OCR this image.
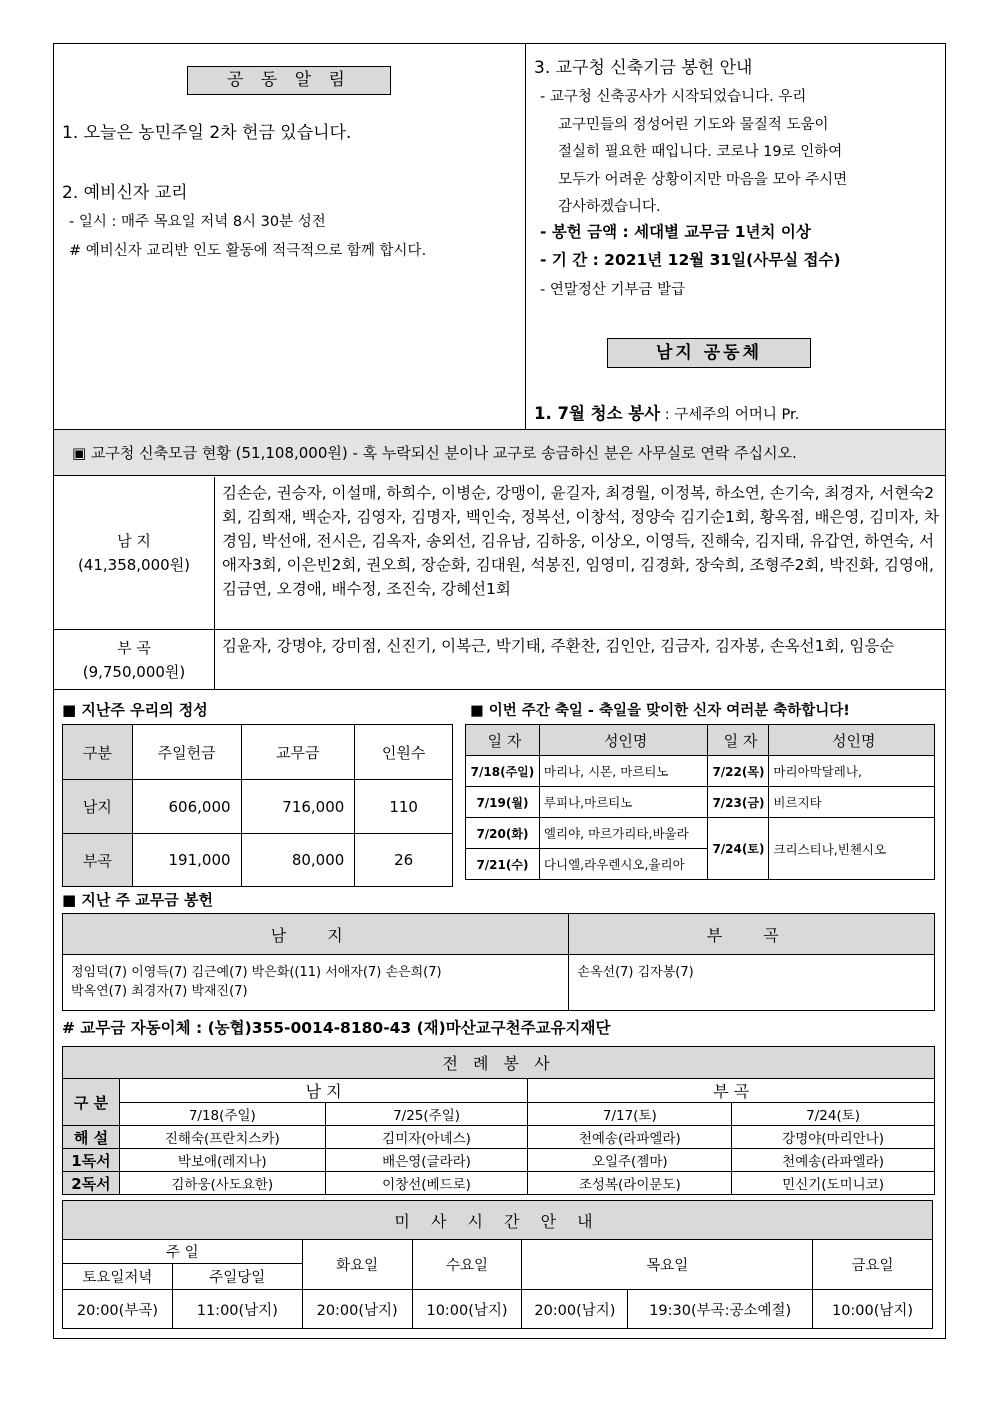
공 동 알 림
1. 오늘은 농민주일 2차 헌금 있습니다.
2. 예비신자 교리
- 일시 : 매주 목요일 저녁 8시 30분 성전
# 예비신자 교리반 인도 활동에 적극적으로 함께 합시다.
3. 교구청 신축기금 봉헌 안내
- 교구청 신축공사가 시작되었습니다. 우리
교구민들의 정성어린 기도와 물질적 도움이
절실히 필요한 때입니다. 코로나 19로 인하여
모두가 어려운 상황이지만 마음을 모아 주시면
감사하겠습니다.
- 봉헌 금액 : 세대별 교무금 1년치 이상
- 기 간 : 2021년 12월 31일(사무실 접수)
- 연말정산 기부금 발급
남지 공동체
1. 7월 청소 봉사 : 구세주의 어머니 Pr.
▣ 교구청 신축모금 현황 (51,108,000원) - 혹 누락되신 분이나 교구로 송금하신 분은 사무실로 연락 주십시오.
남 지
(41,358,000원)
김손순, 권승자, 이설매, 하희수, 이병순, 강맹이, 윤길자, 최경월, 이정복, 하소연, 손기숙, 최경자, 서현숙2회, 김희재, 백순자, 김영자, 김명자, 백인숙, 정복선, 이창석, 정양숙 김기순1회, 황옥점, 배은영, 김미자, 차경임, 박선애, 전시은, 김옥자, 송외선, 김유남, 김하웅, 이상오, 이영득, 진해숙, 김지태, 유갑연, 하연숙, 서애자3회, 이은빈2회, 권오희, 장순화, 김대원, 석봉진, 임영미, 김경화, 장숙희, 조형주2회, 박진화, 김영애, 김금연, 오경애, 배수정, 조진숙, 강혜선1회
부 곡
(9,750,000원)
김윤자, 강명야, 강미점, 신진기, 이복근, 박기태, 주환찬, 김인안, 김금자, 김자봉, 손옥선1회, 임응순
■ 지난주 우리의 정성
구분	주일헌금	교무금	인원수
남지	606,000	716,000	110
부곡	191,000	80,000	26
■ 이번 주간 축일 - 축일을 맞이한 신자 여러분 축하합니다!
일 자	성인명	일 자	성인명
7/18(주일)	마리나, 시몬, 마르티노	7/22(목)	마리아막달레나,
7/19(월)	루피나,마르티노	7/23(금)	비르지타
7/20(화)	엘리야, 마르가리타,바울라	7/24(토)	크리스티나,빈첸시오
7/21(수)	다니엘,라우렌시오,율리아		
■ 지난 주 교무금 봉헌
남 지	부 곡

정임덕(7) 이영득(7) 김근예(7) 박은화((11) 서애자(7) 손은희(7)
박옥연(7) 최경자(7) 박재진(7)	손옥선(7) 김자봉(7)
# 교무금 자동이체 : (농협)355-0014-8180-43 (재)마산교구천주교유지재단
전 례 봉 사				
구 분	남 지		부 곡	
	7/18(주일)	7/25(주일)	7/17(토)	7/24(토)
해 설	진해숙(프란치스카)	김미자(아녜스)	천예송(라파엘라)	강명야(마리안나)
1독서	박보애(레지나)	배은영(글라라)	오일주(젬마)	천예송(라파엘라)
2독서	김하웅(사도요한)	이창선(베드로)	조성복(라이문도)	민신기(도미니코)
미 사 시 간 안 내						
주 일		화요일	수요일	목요일		금요일
토요일저녁	주일당일					
20:00(부곡)	11:00(남지)	20:00(남지)	10:00(남지)	20:00(남지)	19:30(부곡:공소예절)	10:00(남지)
